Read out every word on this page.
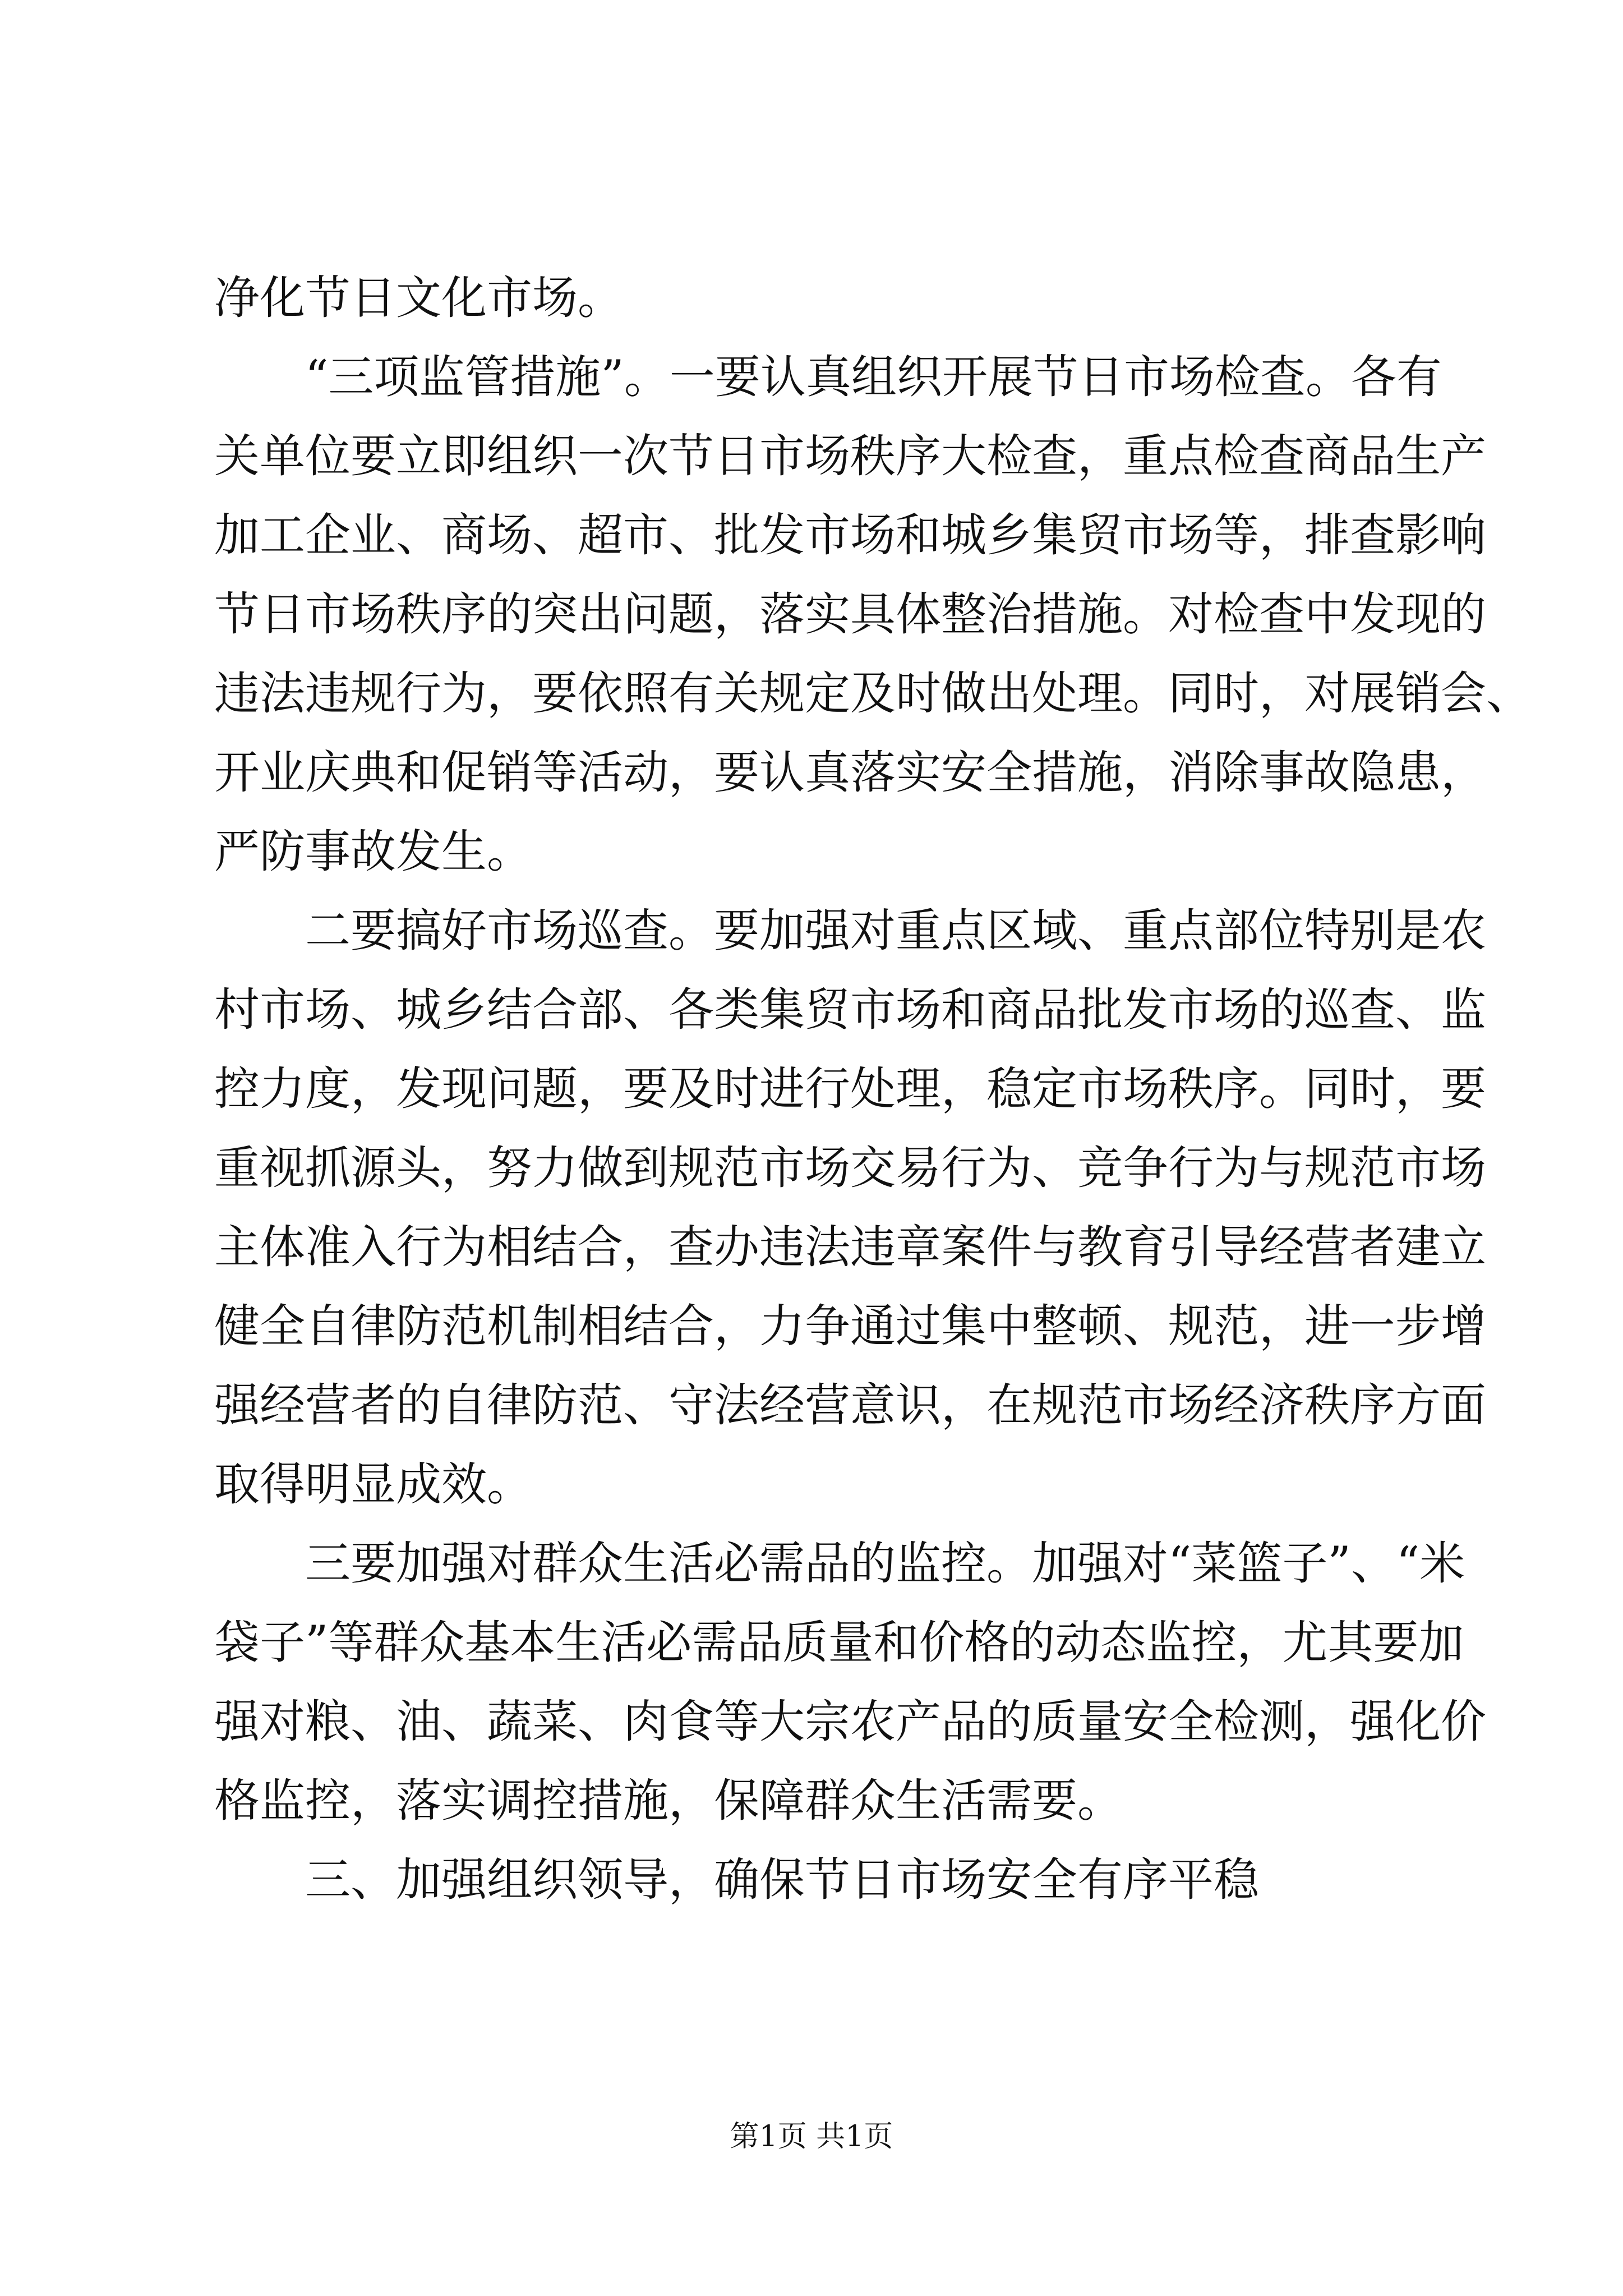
净化节日文化市场。
“三项监管措施”。一要认真组织开展节日市场检查。各有
关单位要立即组织一次节日市场秩序大检查，重点检查商品生产
加工企业、商场、超市、批发市场和城乡集贸市场等，排查影响
节日市场秩序的突出问题，落实具体整治措施。对检查中发现的
违法违规行为，要依照有关规定及时做出处理。同时，对展销会、
开业庆典和促销等活动，要认真落实安全措施，消除事故隐患，
严防事故发生。
二要搞好市场巡查。要加强对重点区域、重点部位特别是农
村市场、城乡结合部、各类集贸市场和商品批发市场的巡查、监
控力度，发现问题，要及时进行处理，稳定市场秩序。同时，要
重视抓源头，努力做到规范市场交易行为、竞争行为与规范市场
主体准入行为相结合，查办违法违章案件与教育引导经营者建立
健全自律防范机制相结合，力争通过集中整顿、规范，进一步增
强经营者的自律防范、守法经营意识，在规范市场经济秩序方面
取得明显成效。
三要加强对群众生活必需品的监控。加强对“菜篮子”、“米
袋子”等群众基本生活必需品质量和价格的动态监控，尤其要加
强对粮、油、蔬菜、肉食等大宗农产品的质量安全检测，强化价
格监控，落实调控措施，保障群众生活需要。
三、加强组织领导，确保节日市场安全有序平稳
第1页 共1页
